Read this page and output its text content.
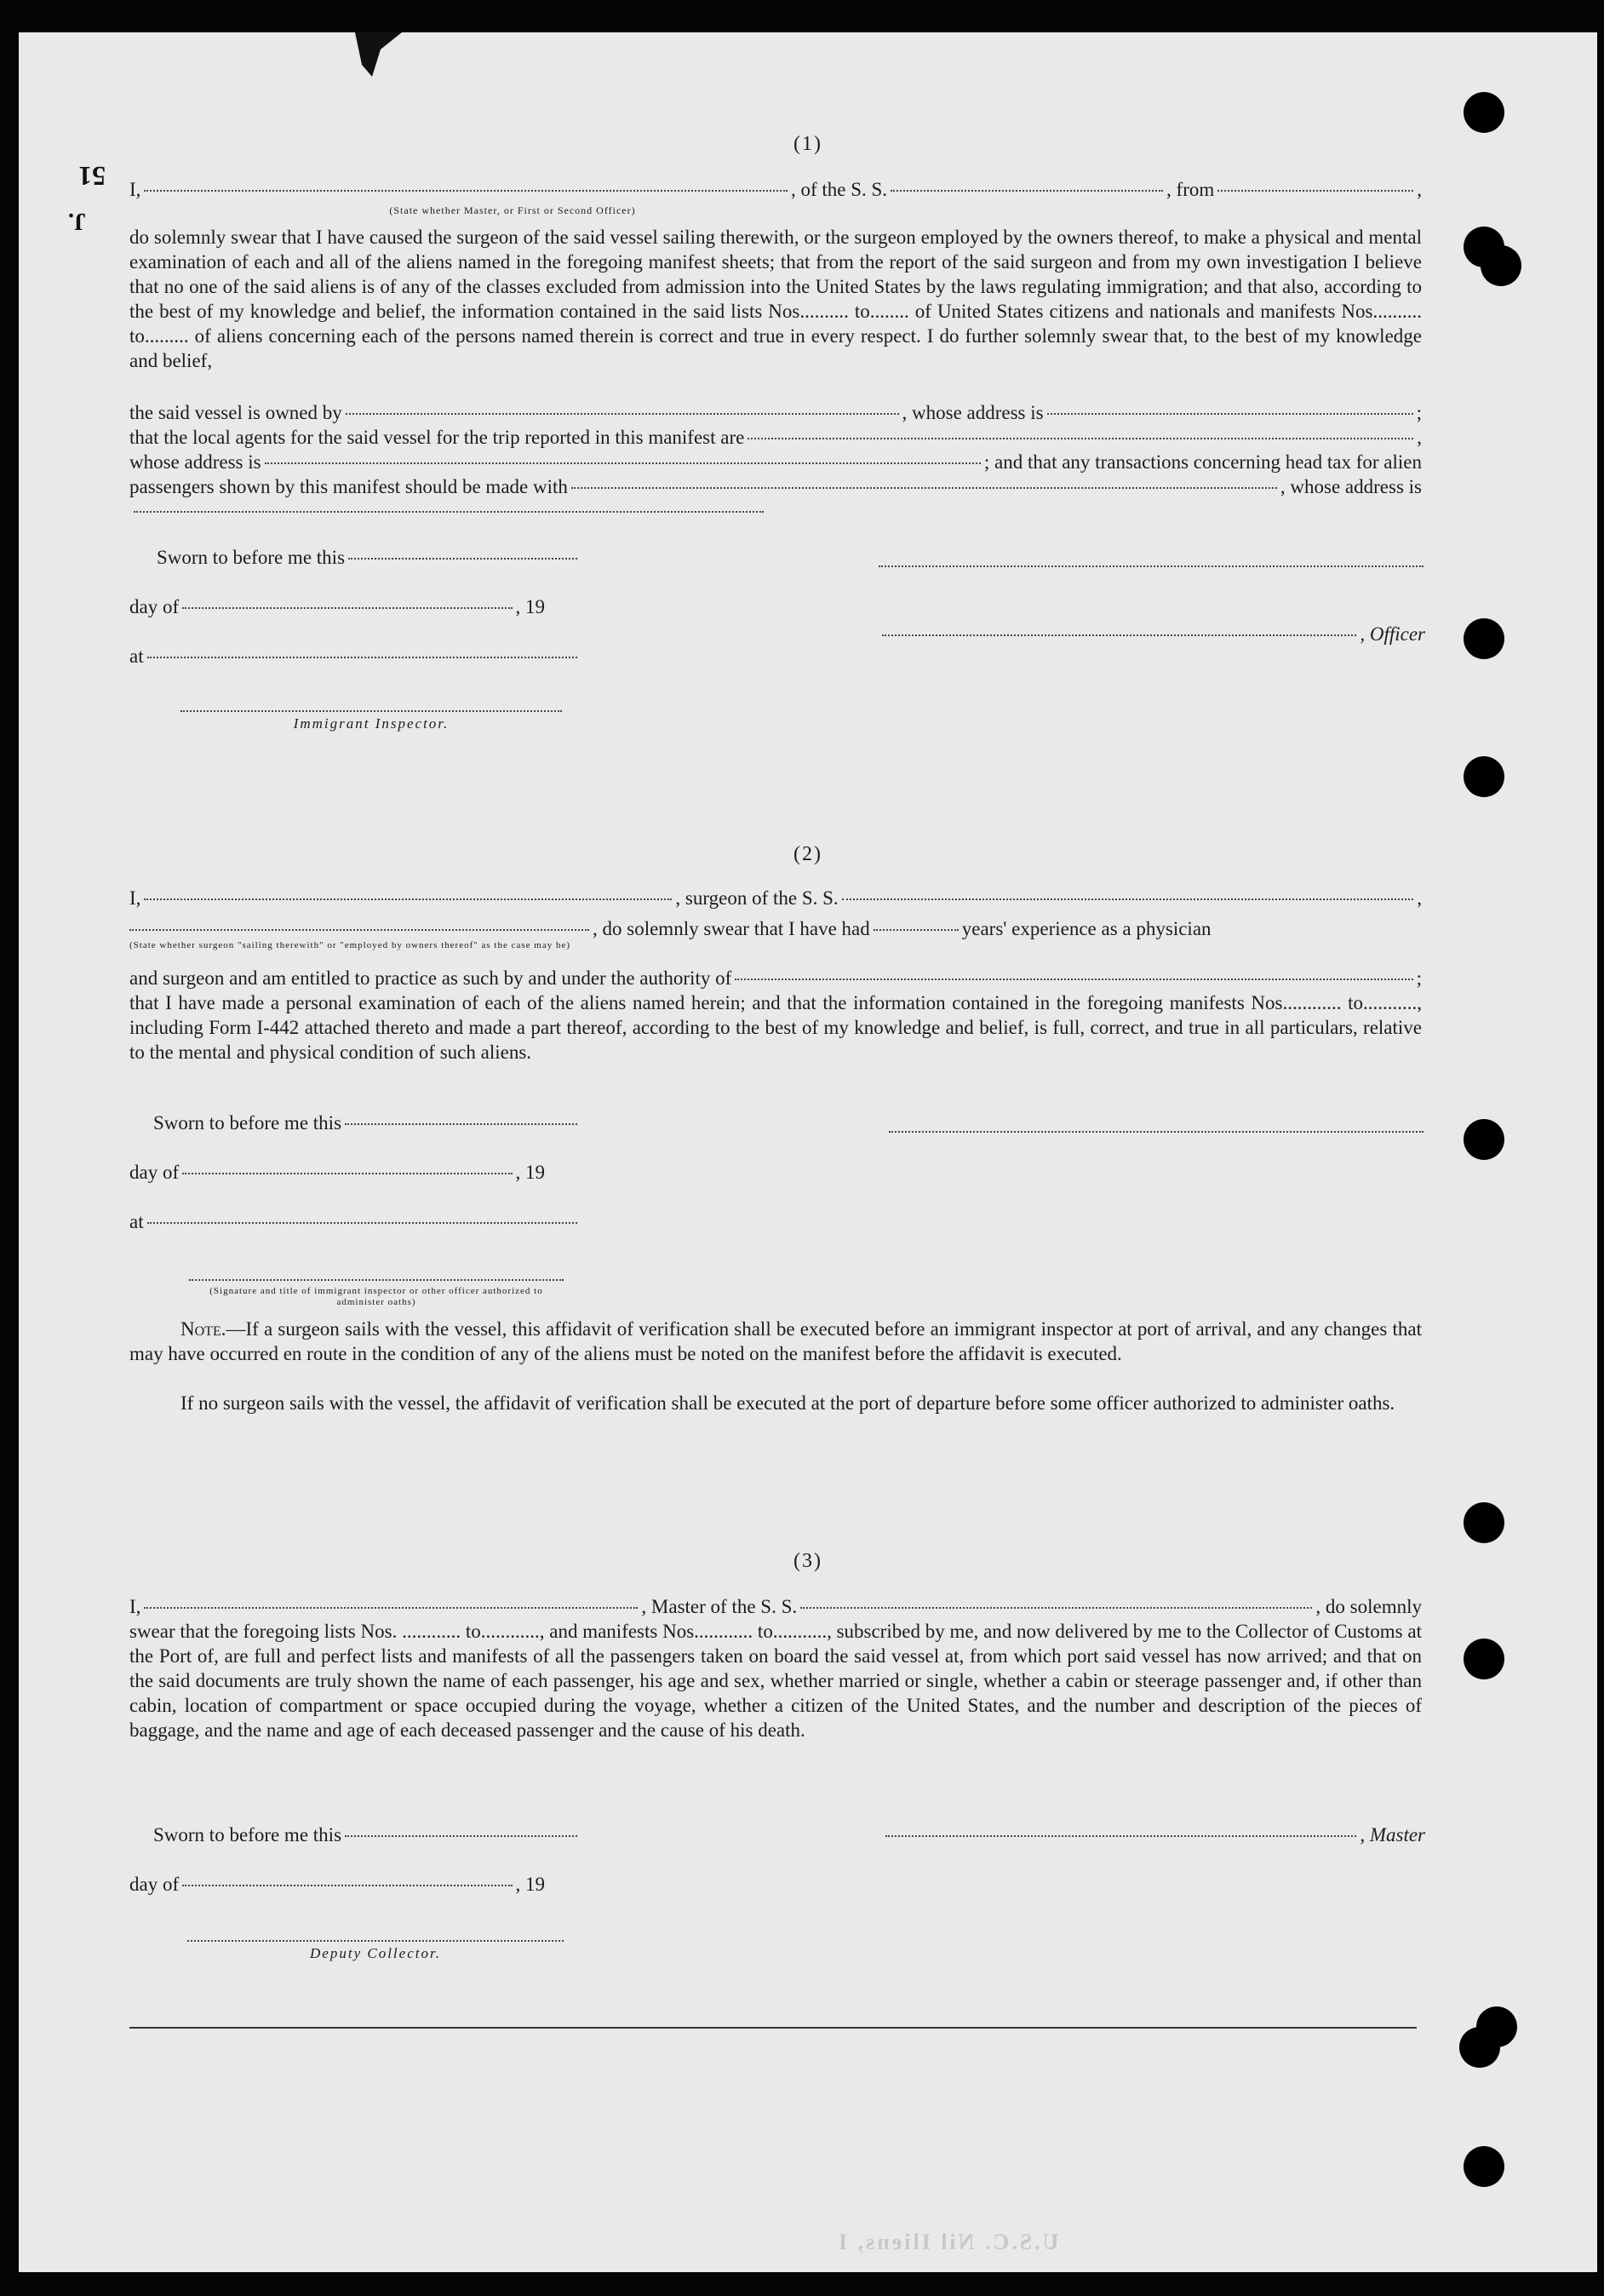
51
J.
(1)
I,	, of the S. S.	, from	,
(State whether Master, or First or Second Officer)
do solemnly swear that I have caused the surgeon of the said vessel sailing therewith, or the surgeon employed by the owners thereof, to make a physical and mental examination of each and all of the aliens named in the foregoing manifest sheets; that from the report of the said surgeon and from my own investigation I believe that no one of the said aliens is of any of the classes excluded from admission into the United States by the laws regulating immigration; and that also, according to the best of my knowledge and belief, the information contained in the said lists Nos.......... to........ of United States citizens and nationals and manifests Nos.......... to......... of aliens concerning each of the persons named therein is correct and true in every respect. I do further solemnly swear that, to the best of my knowledge and belief,
the said vessel is owned by	, whose address is	;
that the local agents for the said vessel for the trip reported in this manifest are	,
whose address is	; and that any transactions concerning head tax for alien
passengers shown by this manifest should be made with	, whose address is
Sworn to before me this
day of	, 19
, Officer
at
Immigrant Inspector.
(2)
I,	, surgeon of the S. S.	,
, do solemnly swear that I have had	years' experience as a physician
(State whether surgeon "sailing therewith" or "employed by owners thereof" as the case may be)
and surgeon and am entitled to practice as such by and under the authority of	;
that I have made a personal examination of each of the aliens named herein; and that the information contained in the foregoing manifests Nos............ to..........., including Form I-442 attached thereto and made a part thereof, according to the best of my knowledge and belief, is full, correct, and true in all particulars, relative to the mental and physical condition of such aliens.
Sworn to before me this
day of	, 19
at
(Signature and title of immigrant inspector or other officer authorized to administer oaths)
Note.—If a surgeon sails with the vessel, this affidavit of verification shall be executed before an immigrant inspector at port of arrival, and any changes that may have occurred en route in the condition of any of the aliens must be noted on the manifest before the affidavit is executed.
If no surgeon sails with the vessel, the affidavit of verification shall be executed at the port of departure before some officer authorized to administer oaths.
(3)
I,	, Master of the S. S.	, do solemnly
swear that the foregoing lists Nos. ............ to............, and manifests Nos............ to..........., subscribed by me, and now delivered by me to the Collector of Customs at the Port of, are full and perfect lists and manifests of all the passengers taken on board the said vessel at, from which port said vessel has now arrived; and that on the said documents are truly shown the name of each passenger, his age and sex, whether married or single, whether a cabin or steerage passenger and, if other than cabin, location of compartment or space occupied during the voyage, whether a citizen of the United States, and the number and description of the pieces of baggage, and the name and age of each deceased passenger and the cause of his death.
Sworn to before me this	, Master
day of	, 19
Deputy Collector.
U.S.C. Nil Iliens, I
